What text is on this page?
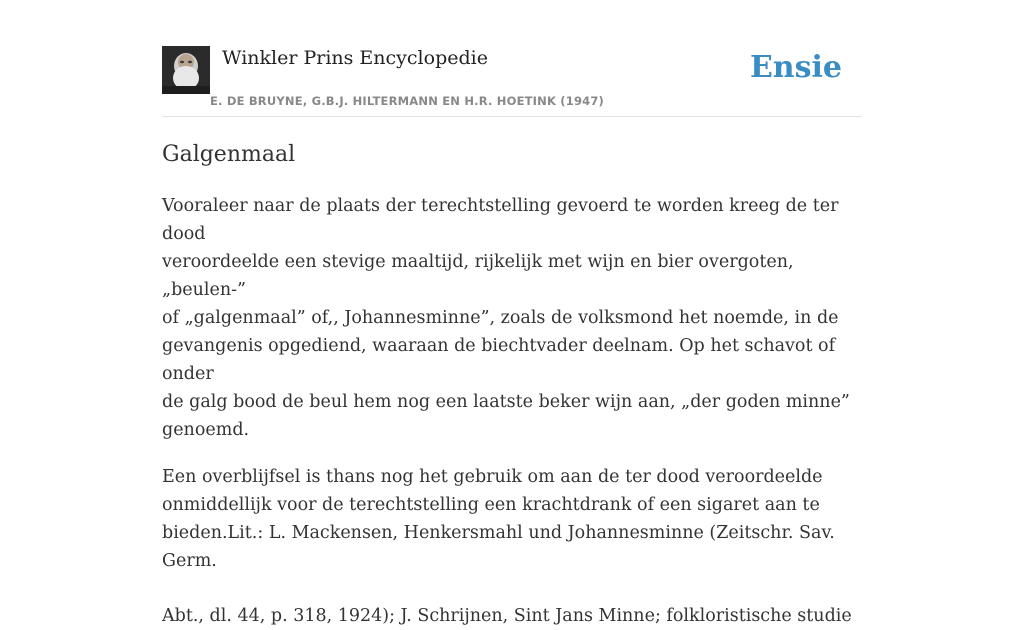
Winkler Prins Encyclopedie
E. DE BRUYNE, G.B.J. HILTERMANN EN H.R. HOETINK (1947)
Ensie
Galgenmaal

Vooraleer naar de plaats der terechtstelling gevoerd te worden kreeg de ter dood
veroordeelde een stevige maaltijd, rijkelijk met wijn en bier overgoten, „beulen-”
of „galgenmaal” of,, Johannesminne”, zoals de volksmond het noemde, in de
gevangenis opgediend, waaraan de biechtvader deelnam. Op het schavot of onder
de galg bood de beul hem nog een laatste beker wijn aan, „der goden minne”
genoemd.

Een overblijfsel is thans nog het gebruik om aan de ter dood veroordeelde
onmiddellijk voor de terechtstelling een krachtdrank of een sigaret aan te
bieden.Lit.: L. Mackensen, Henkersmahl und Johannesminne (Zeitschr. Sav. Germ.

Abt., dl. 44, p. 318, 1924); J. Schrijnen, Sint Jans Minne; folkloristische studie
